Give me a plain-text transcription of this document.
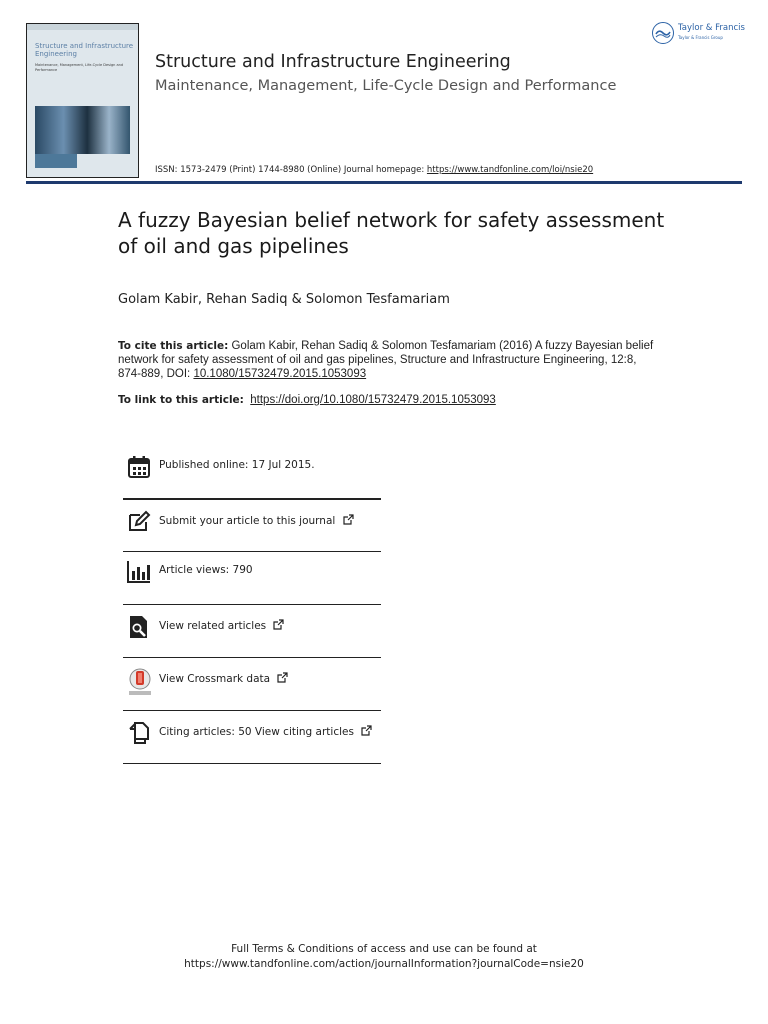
Structure and Infrastructure Engineering
Maintenance, Management, Life-Cycle Design and Performance	Structure and Infrastructure Engineering
Maintenance, Management, Life-Cycle Design and Performance
Taylor & Francis
Taylor & Francis Group
ISSN: 1573-2479 (Print) 1744-8980 (Online) Journal homepage: https://www.tandfonline.com/loi/nsie20
A fuzzy Bayesian belief network for safety assessment of oil and gas pipelines
Golam Kabir, Rehan Sadiq & Solomon Tesfamariam
To cite this article: Golam Kabir, Rehan Sadiq & Solomon Tesfamariam (2016) A fuzzy Bayesian belief network for safety assessment of oil and gas pipelines, Structure and Infrastructure Engineering, 12:8, 874-889, DOI: 10.1080/15732479.2015.1053093
To link to this article: https://doi.org/10.1080/15732479.2015.1053093
Published online: 17 Jul 2015.
Submit your article to this journal
Article views: 790
View related articles
View Crossmark data
Citing articles: 50 View citing articles
Full Terms & Conditions of access and use can be found at
https://www.tandfonline.com/action/journalInformation?journalCode=nsie20
